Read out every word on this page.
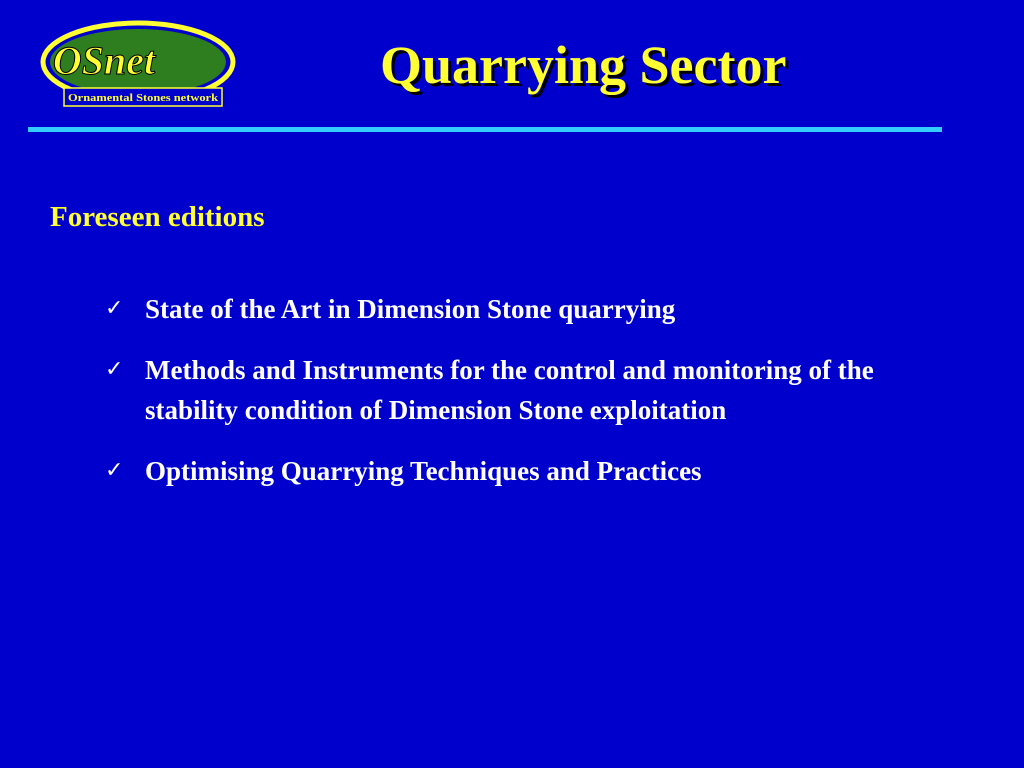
OSnet
Ornamental Stones network
Quarrying Sector
Foreseen editions
✓ State of the Art in Dimension Stone quarrying
✓ Methods and Instruments for the control and monitoring of the stability condition of Dimension Stone exploitation
✓ Optimising Quarrying Techniques and Practices
